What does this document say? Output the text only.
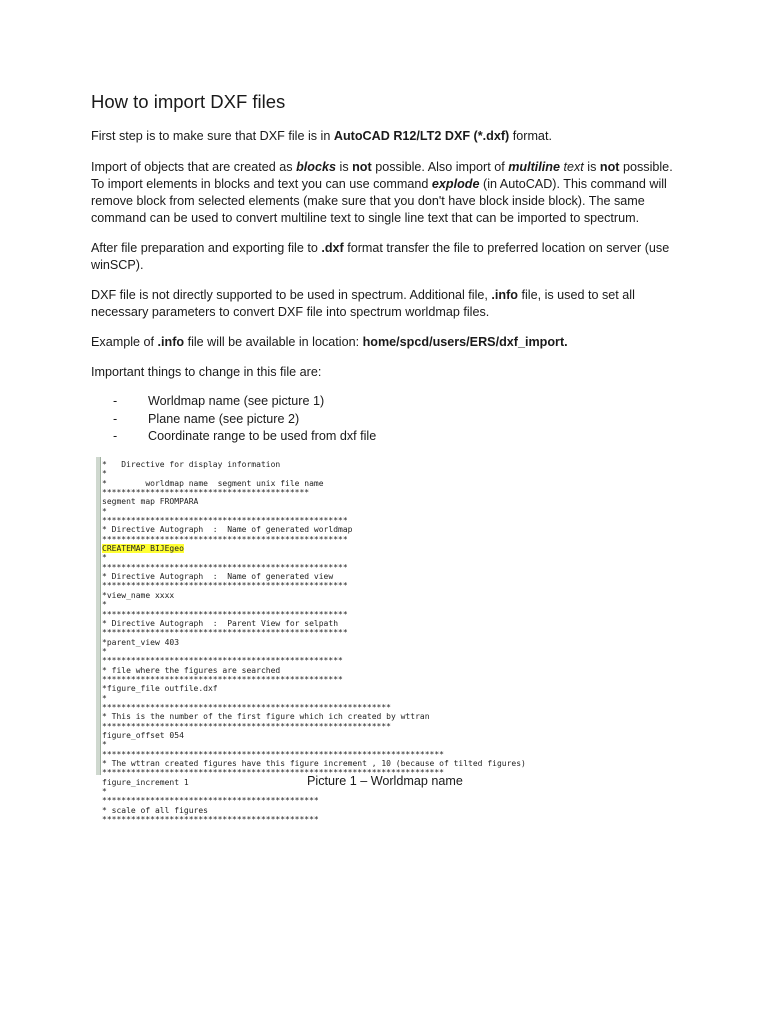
How to import DXF files

First step is to make sure that DXF file is in AutoCAD R12/LT2 DXF (*.dxf) format.

Import of objects that are created as blocks is not possible. Also import of multiline text is not possible. To import elements in blocks and text you can use command explode (in AutoCAD). This command will remove block from selected elements (make sure that you don't have block inside block). The same command can be used to convert multiline text to single line text that can be imported to spectrum.

After file preparation and exporting file to .dxf format transfer the file to preferred location on server (use winSCP).

DXF file is not directly supported to be used in spectrum. Additional file, .info file, is used to set all necessary parameters to convert DXF file into spectrum worldmap files.

Example of .info file will be available in location: home/spcd/users/ERS/dxf_import.

Important things to change in this file are:

- Worldmap name (see picture 1)
- Plane name (see picture 2)
- Coordinate range to be used from dxf file
*   Directive for display information
*
*        worldmap name  segment unix file name
*******************************************
segment map FROMPARA
*
***************************************************
* Directive Autograph  :  Name of generated worldmap
***************************************************
CREATEMAP BIJEgeo
*
***************************************************
* Directive Autograph  :  Name of generated view
***************************************************
*view_name xxxx
*
***************************************************
* Directive Autograph  :  Parent View for selpath
***************************************************
*parent_view 403
*
**************************************************
* file where the figures are searched
**************************************************
*figure_file outfile.dxf
*
************************************************************
* This is the number of the first figure which ich created by wttran
************************************************************
figure_offset 054
*
***********************************************************************
* The wttran created figures have this figure increment , 10 (because of tilted figures)
***********************************************************************
figure_increment 1
*
*********************************************
* scale of all figures
*********************************************
Picture 1 – Worldmap name
